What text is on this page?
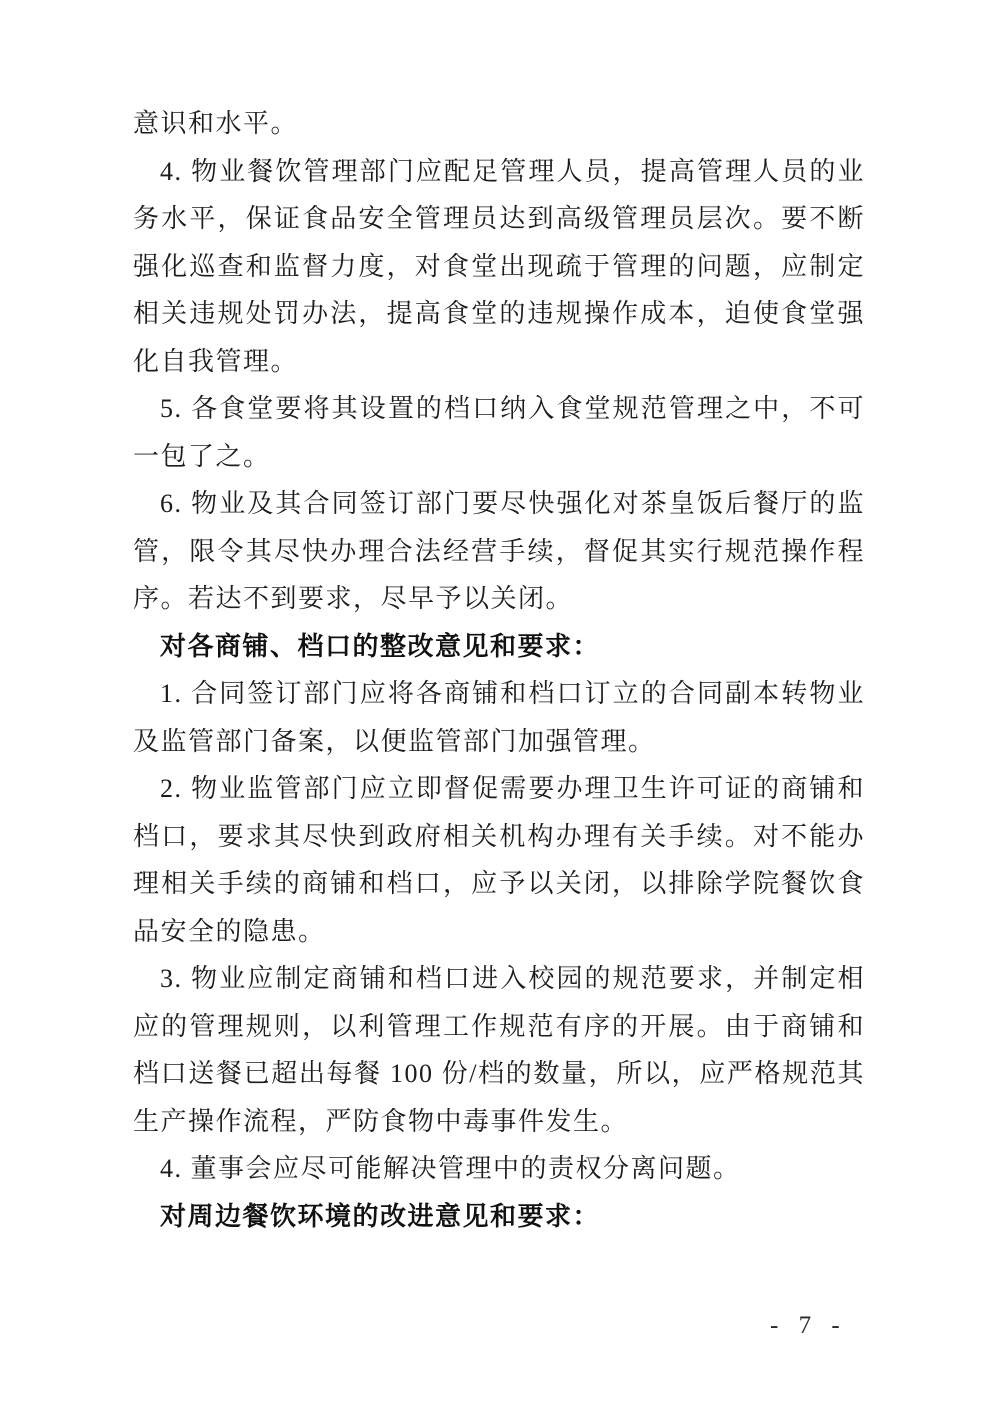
意识和水平。

4. 物业餐饮管理部门应配足管理人员，提高管理人员的业务水平，保证食品安全管理员达到高级管理员层次。要不断强化巡查和监督力度，对食堂出现疏于管理的问题，应制定相关违规处罚办法，提高食堂的违规操作成本，迫使食堂强化自我管理。

5. 各食堂要将其设置的档口纳入食堂规范管理之中，不可一包了之。

6. 物业及其合同签订部门要尽快强化对茶皇饭后餐厅的监管，限令其尽快办理合法经营手续，督促其实行规范操作程序。若达不到要求，尽早予以关闭。

对各商铺、档口的整改意见和要求：

1. 合同签订部门应将各商铺和档口订立的合同副本转物业及监管部门备案，以便监管部门加强管理。

2. 物业监管部门应立即督促需要办理卫生许可证的商铺和档口，要求其尽快到政府相关机构办理有关手续。对不能办理相关手续的商铺和档口，应予以关闭，以排除学院餐饮食品安全的隐患。

3. 物业应制定商铺和档口进入校园的规范要求，并制定相应的管理规则，以利管理工作规范有序的开展。由于商铺和档口送餐已超出每餐 100 份/档的数量，所以，应严格规范其生产操作流程，严防食物中毒事件发生。

4. 董事会应尽可能解决管理中的责权分离问题。

对周边餐饮环境的改进意见和要求：

- 7 -
